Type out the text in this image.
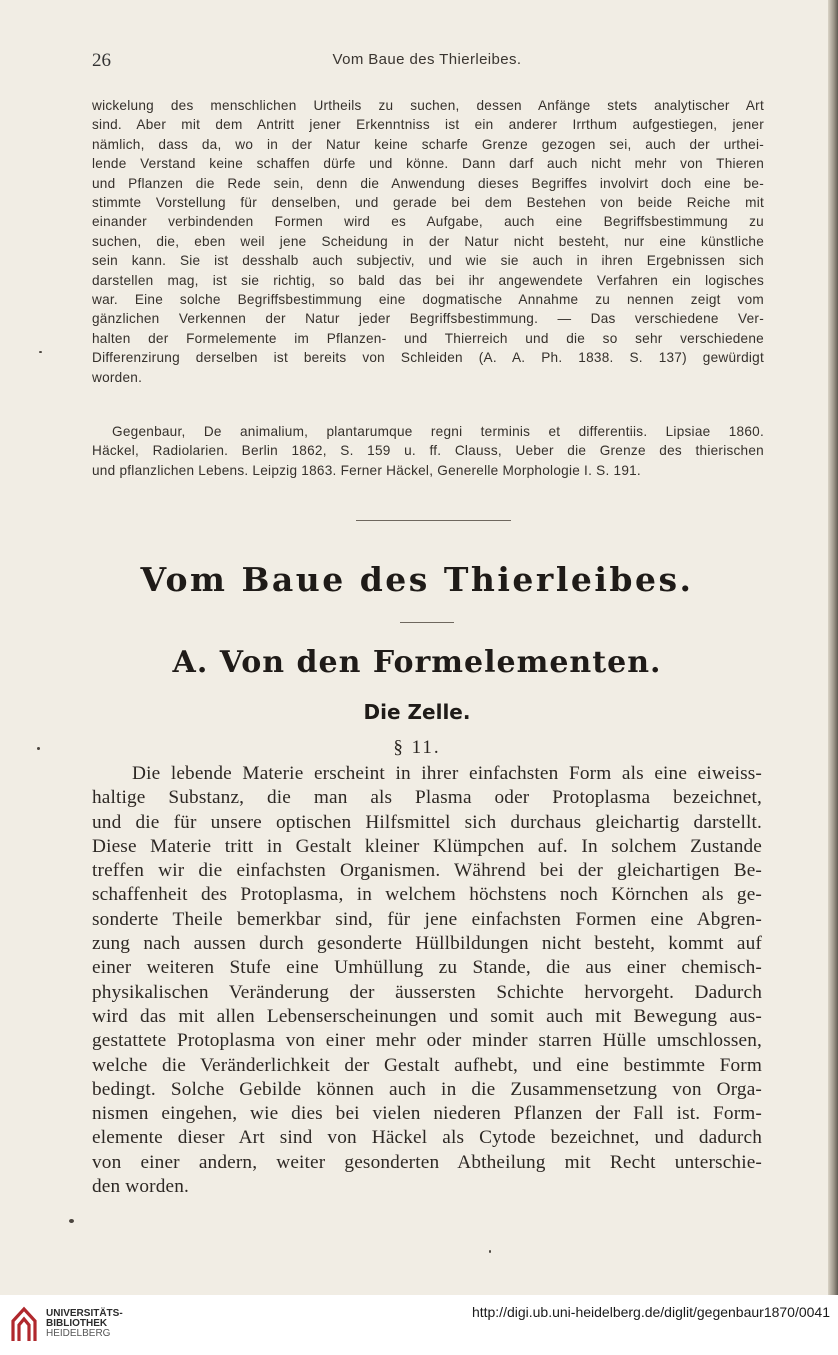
26	Vom Baue des Thierleibes.
wickelung des menschlichen Urtheils zu suchen, dessen Anfänge stets analytischer Art
sind. Aber mit dem Antritt jener Erkenntniss ist ein anderer Irrthum aufgestiegen, jener
nämlich, dass da, wo in der Natur keine scharfe Grenze gezogen sei, auch der urthei-
lende Verstand keine schaffen dürfe und könne. Dann darf auch nicht mehr von Thieren
und Pflanzen die Rede sein, denn die Anwendung dieses Begriffes involvirt doch eine be-
stimmte Vorstellung für denselben, und gerade bei dem Bestehen von beide Reiche mit
einander verbindenden Formen wird es Aufgabe, auch eine Begriffsbestimmung zu
suchen, die, eben weil jene Scheidung in der Natur nicht besteht, nur eine künstliche
sein kann. Sie ist desshalb auch subjectiv, und wie sie auch in ihren Ergebnissen sich
darstellen mag, ist sie richtig, so bald das bei ihr angewendete Verfahren ein logisches
war. Eine solche Begriffsbestimmung eine dogmatische Annahme zu nennen zeigt vom
gänzlichen Verkennen der Natur jeder Begriffsbestimmung. — Das verschiedene Ver-
halten der Formelemente im Pflanzen- und Thierreich und die so sehr verschiedene
Differenzirung derselben ist bereits von Schleiden (A. A. Ph. 1838. S. 137) gewürdigt
worden.
Gegenbaur, De animalium, plantarumque regni terminis et differentiis. Lipsiae 1860.
Häckel, Radiolarien. Berlin 1862, S. 159 u. ff. Clauss, Ueber die Grenze des thierischen
und pflanzlichen Lebens. Leipzig 1863. Ferner Häckel, Generelle Morphologie I. S. 191.
Vom Baue des Thierleibes.
A. Von den Formelementen.
Die Zelle.
§ 11.
Die lebende Materie erscheint in ihrer einfachsten Form als eine eiweiss-
haltige Substanz, die man als Plasma oder Protoplasma bezeichnet,
und die für unsere optischen Hilfsmittel sich durchaus gleichartig darstellt.
Diese Materie tritt in Gestalt kleiner Klümpchen auf. In solchem Zustande
treffen wir die einfachsten Organismen. Während bei der gleichartigen Be-
schaffenheit des Protoplasma, in welchem höchstens noch Körnchen als ge-
sonderte Theile bemerkbar sind, für jene einfachsten Formen eine Abgren-
zung nach aussen durch gesonderte Hüllbildungen nicht besteht, kommt auf
einer weiteren Stufe eine Umhüllung zu Stande, die aus einer chemisch-
physikalischen Veränderung der äussersten Schichte hervorgeht. Dadurch
wird das mit allen Lebenserscheinungen und somit auch mit Bewegung aus-
gestattete Protoplasma von einer mehr oder minder starren Hülle umschlossen,
welche die Veränderlichkeit der Gestalt aufhebt, und eine bestimmte Form
bedingt. Solche Gebilde können auch in die Zusammensetzung von Orga-
nismen eingehen, wie dies bei vielen niederen Pflanzen der Fall ist. Form-
elemente dieser Art sind von Häckel als Cytode bezeichnet, und dadurch
von einer andern, weiter gesonderten Abtheilung mit Recht unterschie-
den worden.
UNIVERSITÄTS-
BIBLIOTHEK
HEIDELBERG
http://digi.ub.uni-heidelberg.de/diglit/gegenbaur1870/0041
